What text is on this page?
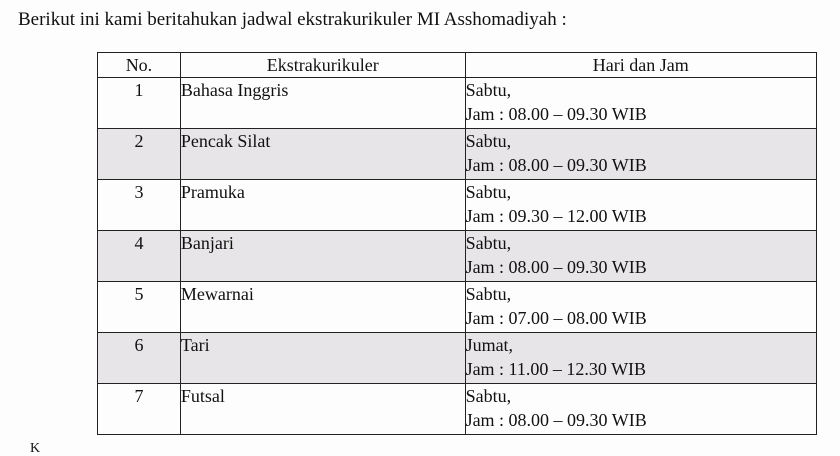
Berikut ini kami beritahukan jadwal ekstrakurikuler MI Asshomadiyah :
No.	Ekstrakurikuler	Hari dan Jam
1	Bahasa Inggris	Sabtu,
Jam : 08.00 – 09.30 WIB

2	Pencak Silat	Sabtu,
Jam : 08.00 – 09.30 WIB

3	Pramuka	Sabtu,
Jam : 09.30 – 12.00 WIB

4	Banjari	Sabtu,
Jam : 08.00 – 09.30 WIB

5	Mewarnai	Sabtu,
Jam : 07.00 – 08.00 WIB

6	Tari	Jumat,
Jam : 11.00 – 12.30 WIB

7	Futsal	Sabtu,
Jam : 08.00 – 09.30 WIB
K
